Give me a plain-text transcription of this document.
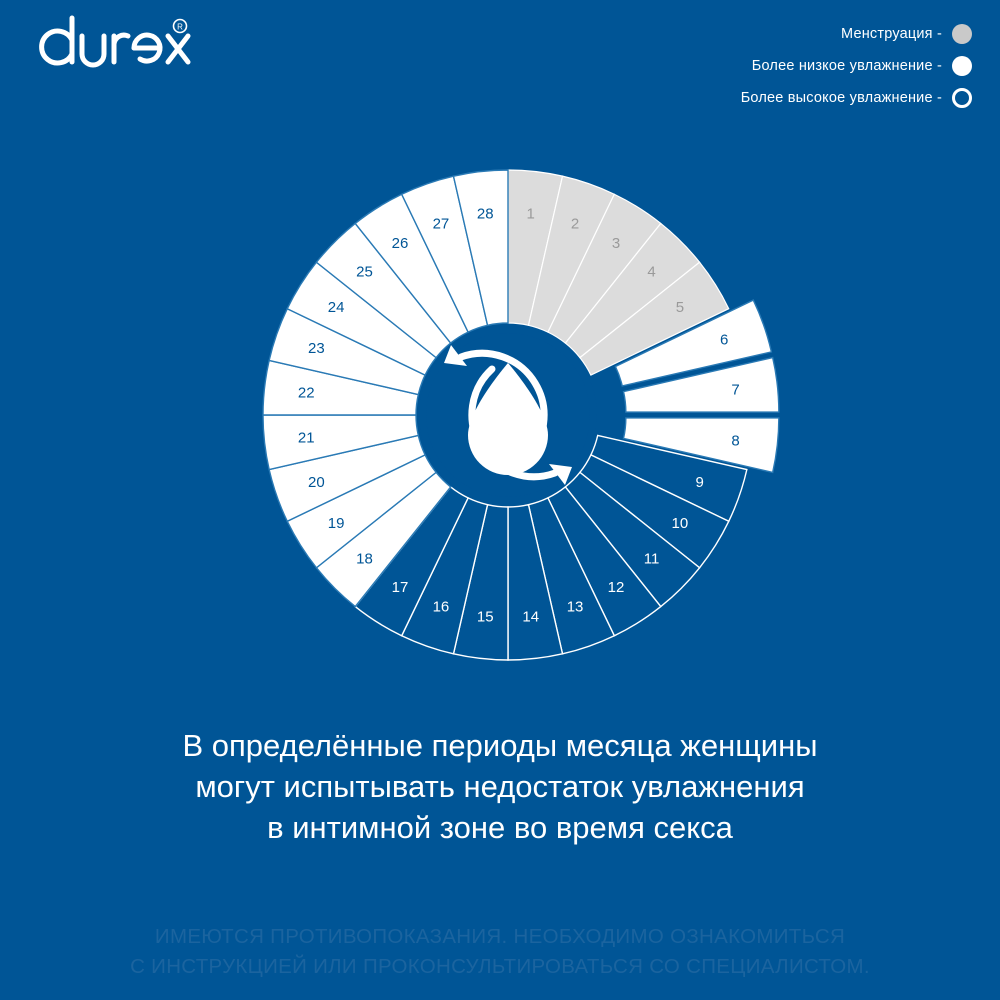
R	Менструация -
Более низкое увлажнение -
Более высокое увлажнение -
1
2
3
4
5
6
7
8
9
10
11
12
13
14
15
16
17
18
19
20
21
22
23
24
25
26
27
28
В определённые периоды месяца женщины
могут испытывать недостаток увлажнения
в интимной зоне во время секса
ИМЕЮТСЯ ПРОТИВОПОКАЗАНИЯ. НЕОБХОДИМО ОЗНАКОМИТЬСЯ
С ИНСТРУКЦИЕЙ ИЛИ ПРОКОНСУЛЬТИРОВАТЬСЯ СО СПЕЦИАЛИСТОМ.
